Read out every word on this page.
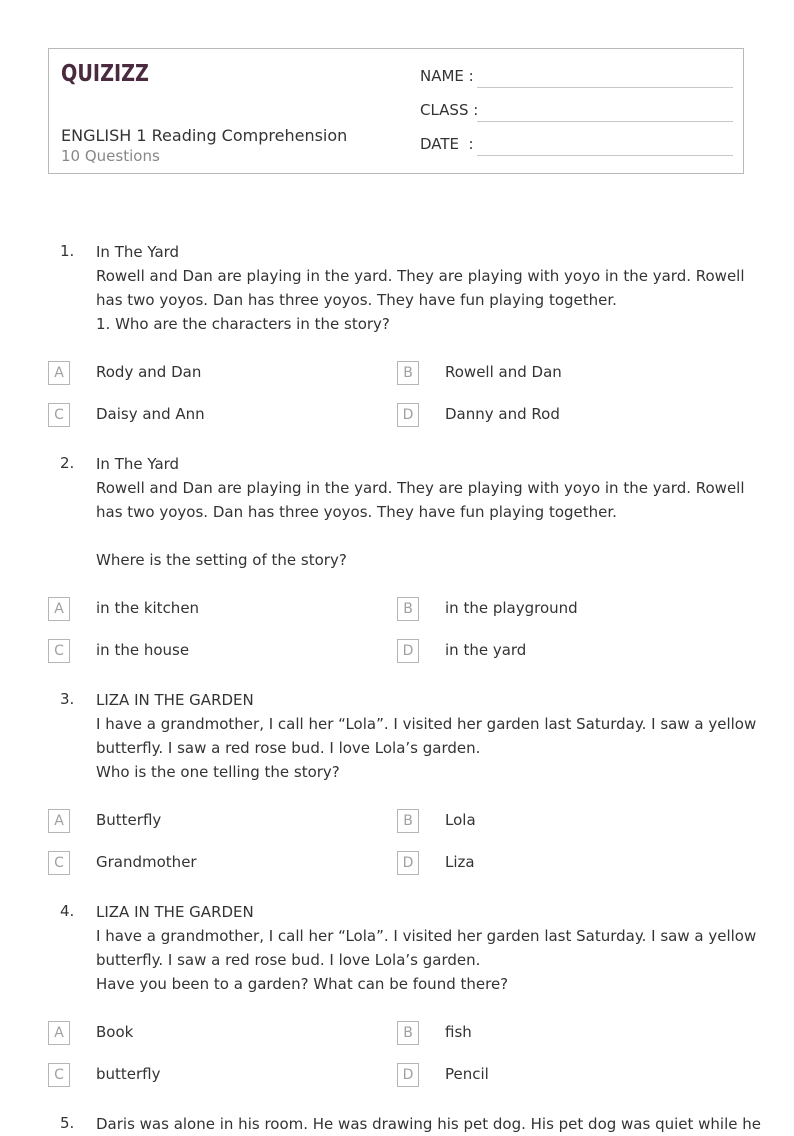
QUIZIZZ
ENGLISH 1 Reading Comprehension
10 Questions
NAME :
CLASS :
DATE  :
1. In The Yard
Rowell and Dan are playing in the yard. They are playing with yoyo in the yard. Rowell
has two yoyos. Dan has three yoyos. They have fun playing together.
1. Who are the characters in the story?
A	Rody and Dan	B	Rowell and Dan
C	Daisy and Ann	D	Danny and Rod
2. In The Yard
Rowell and Dan are playing in the yard. They are playing with yoyo in the yard. Rowell
has two yoyos. Dan has three yoyos. They have fun playing together.
Where is the setting of the story?
A	in the kitchen	B	in the playground
C	in the house	D	in the yard
3. LIZA IN THE GARDEN
I have a grandmother, I call her “Lola”. I visited her garden last Saturday. I saw a yellow
butterfly. I saw a red rose bud. I love Lola’s garden.
Who is the one telling the story?
A	Butterfly	B	Lola
C	Grandmother	D	Liza
4. LIZA IN THE GARDEN
I have a grandmother, I call her “Lola”. I visited her garden last Saturday. I saw a yellow
butterfly. I saw a red rose bud. I love Lola’s garden.
Have you been to a garden? What can be found there?
A	Book	B	fish
C	butterfly	D	Pencil
5. Daris was alone in his room. He was drawing his pet dog. His pet dog was quiet while he
